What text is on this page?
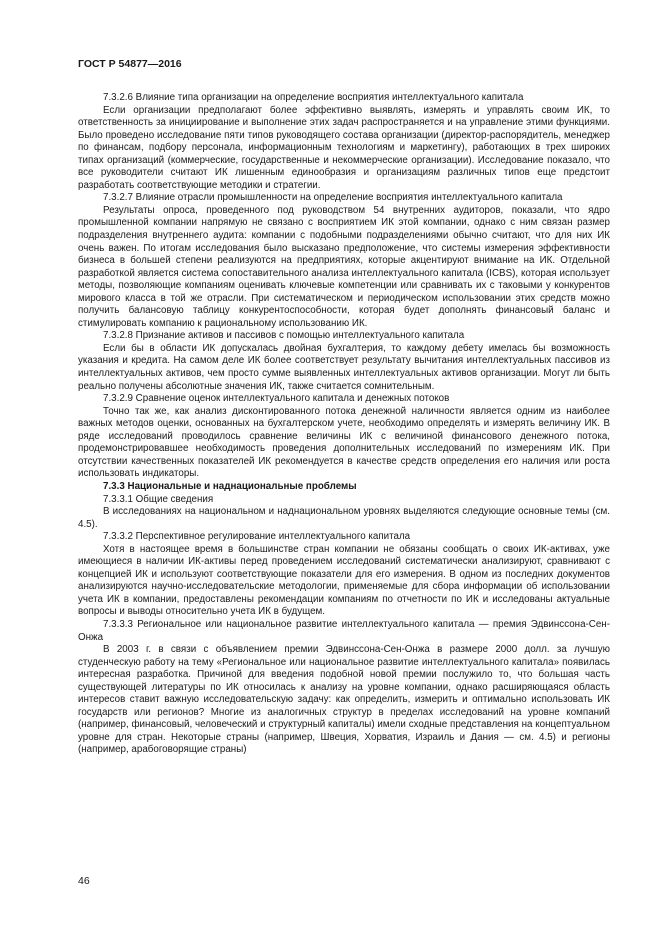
ГОСТ Р 54877—2016

7.3.2.6 Влияние типа организации на определение восприятия интеллектуального капитала

Если организации предполагают более эффективно выявлять, измерять и управлять своим ИК, то ответственность за инициирование и выполнение этих задач распространяется и на управление этими функциями. Было проведено исследование пяти типов руководящего состава организации (директор-распорядитель, менеджер по финансам, подбору персонала, информационным технологиям и маркетингу), работающих в трех широких типах организаций (коммерческие, государственные и некоммерческие организации). Исследование показало, что все руководители считают ИК лишенным единообразия и организациям различных типов еще предстоит разработать соответствующие методики и стратегии.

7.3.2.7 Влияние отрасли промышленности на определение восприятия интеллектуального капитала

Результаты опроса, проведенного под руководством 54 внутренних аудиторов, показали, что ядро промышленной компании напрямую не связано с восприятием ИК этой компании, однако с ним связан размер подразделения внутреннего аудита: компании с подобными подразделениями обычно считают, что для них ИК очень важен. По итогам исследования было высказано предположение, что системы измерения эффективности бизнеса в большей степени реализуются на предприятиях, которые акцентируют внимание на ИК. Отдельной разработкой является система сопоставительного анализа интеллектуального капитала (ICBS), которая использует методы, позволяющие компаниям оценивать ключевые компетенции или сравнивать их с таковыми у конкурентов мирового класса в той же отрасли. При систематическом и периодическом использовании этих средств можно получить балансовую таблицу конкурентоспособности, которая будет дополнять финансовый баланс и стимулировать компанию к рациональному использованию ИК.

7.3.2.8 Признание активов и пассивов с помощью интеллектуального капитала

Если бы в области ИК допускалась двойная бухгалтерия, то каждому дебету имелась бы возможность указания и кредита. На самом деле ИК более соответствует результату вычитания интеллектуальных пассивов из интеллектуальных активов, чем просто сумме выявленных интеллектуальных активов организации. Могут ли быть реально получены абсолютные значения ИК, также считается сомнительным.

7.3.2.9 Сравнение оценок интеллектуального капитала и денежных потоков

Точно так же, как анализ дисконтированного потока денежной наличности является одним из наиболее важных методов оценки, основанных на бухгалтерском учете, необходимо определять и измерять величину ИК. В ряде исследований проводилось сравнение величины ИК с величиной финансового денежного потока, продемонстрировавшее необходимость проведения дополнительных исследований по измерениям ИК. При отсутствии качественных показателей ИК рекомендуется в качестве средств определения его наличия или роста использовать индикаторы.

7.3.3 Национальные и наднациональные проблемы

7.3.3.1 Общие сведения

В исследованиях на национальном и наднациональном уровнях выделяются следующие основные темы (см. 4.5).

7.3.3.2 Перспективное регулирование интеллектуального капитала

Хотя в настоящее время в большинстве стран компании не обязаны сообщать о своих ИК-активах, уже имеющиеся в наличии ИК-активы перед проведением исследований систематически анализируют, сравнивают с концепцией ИК и используют соответствующие показатели для его измерения. В одном из последних документов анализируются научно-исследовательские методологии, применяемые для сбора информации об использовании учета ИК в компании, предоставлены рекомендации компаниям по отчетности по ИК и исследованы актуальные вопросы и выводы относительно учета ИК в будущем.

7.3.3.3 Региональное или национальное развитие интеллектуального капитала — премия Эдвинссона-Сен-Онжа

В 2003 г. в связи с объявлением премии Эдвинссона-Сен-Онжа в размере 2000 долл. за лучшую студенческую работу на тему «Региональное или национальное развитие интеллектуального капитала» появилась интересная разработка. Причиной для введения подобной новой премии послужило то, что большая часть существующей литературы по ИК относилась к анализу на уровне компании, однако расширяющаяся область интересов ставит важную исследовательскую задачу: как определить, измерить и оптимально использовать ИК государств или регионов? Многие из аналогичных структур в пределах исследований на уровне компаний (например, финансовый, человеческий и структурный капиталы) имели сходные представления на концептуальном уровне для стран. Некоторые страны (например, Швеция, Хорватия, Израиль и Дания — см. 4.5) и регионы (например, арабоговорящие страны)

46
